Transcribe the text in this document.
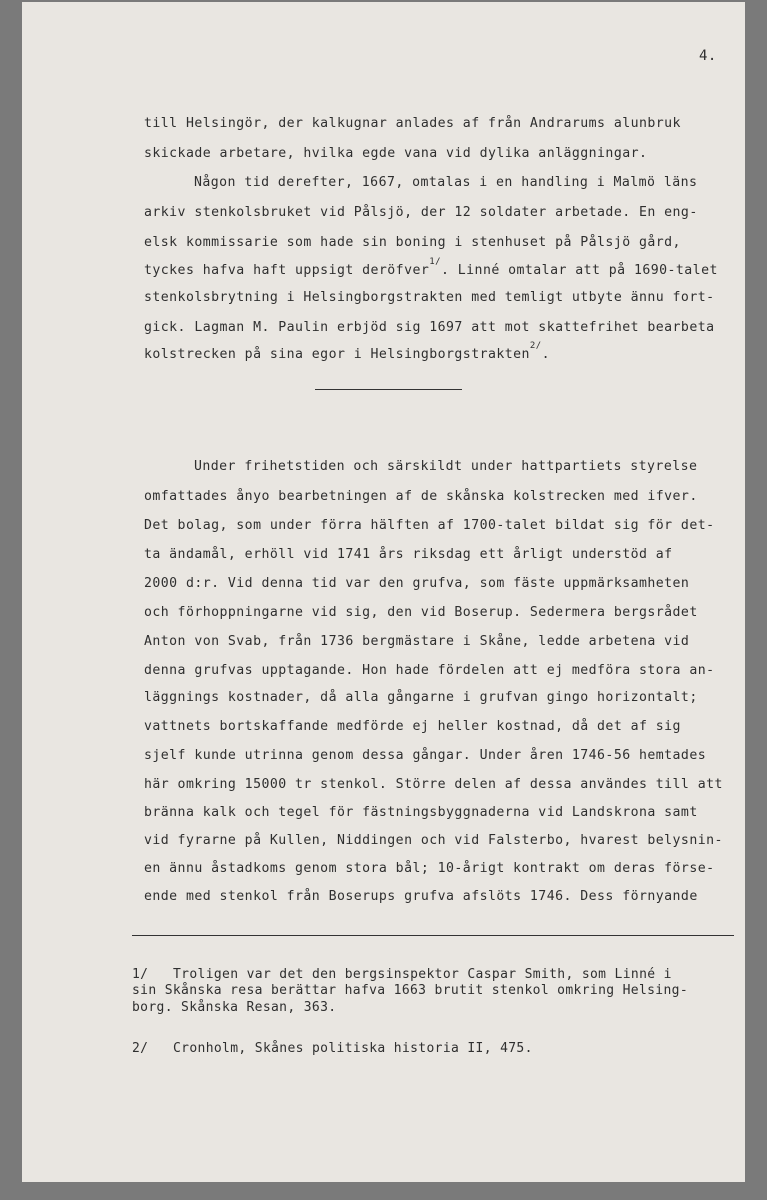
4.
till Helsingör, der kalkugnar anlades af från Andrarums alunbruk
skickade arbetare, hvilka egde vana vid dylika anläggningar.
Någon tid derefter, 1667, omtalas i en handling i Malmö läns
arkiv stenkolsbruket vid Pålsjö, der 12 soldater arbetade. En eng-
elsk kommissarie som hade sin boning i stenhuset på Pålsjö gård,
tyckes hafva haft uppsigt deröfver$^{1/}$. Linné omtalar att på 1690-talet
stenkolsbrytning i Helsingborgstrakten med temligt utbyte ännu fort-
gick. Lagman M. Paulin erbjöd sig 1697 att mot skattefrihet bearbeta
kolstrecken på sina egor i Helsingborgstrakten$^{2/}$.
Under frihetstiden och särskildt under hattpartiets styrelse
omfattades ånyo bearbetningen af de skånska kolstrecken med ifver.
Det bolag, som under förra hälften af 1700-talet bildat sig för det-
ta ändamål, erhöll vid 1741 års riksdag ett årligt understöd af
2000 d:r. Vid denna tid var den grufva, som fäste uppmärksamheten
och förhoppningarne vid sig, den vid Boserup. Sedermera bergsrådet
Anton von Svab, från 1736 bergmästare i Skåne, ledde arbetena vid
denna grufvas upptagande. Hon hade fördelen att ej medföra stora an-
läggnings kostnader, då alla gångarne i grufvan gingo horizontalt;
vattnets bortskaffande medförde ej heller kostnad, då det af sig
sjelf kunde utrinna genom dessa gångar. Under åren 1746-56 hemtades
här omkring 15000 tr stenkol. Större delen af dessa användes till att
bränna kalk och tegel för fästningsbyggnaderna vid Landskrona samt
vid fyrarne på Kullen, Niddingen och vid Falsterbo, hvarest belysnin-
en ännu åstadkoms genom stora bål; 10-årigt kontrakt om deras förse-
ende med stenkol från Boserups grufva afslöts 1746. Dess förnyande
1/ Troligen var det den bergsinspektor Caspar Smith, som Linné i
sin Skånska resa berättar hafva 1663 brutit stenkol omkring Helsing-
borg. Skånska Resan, 363.
2/ Cronholm, Skånes politiska historia II, 475.
